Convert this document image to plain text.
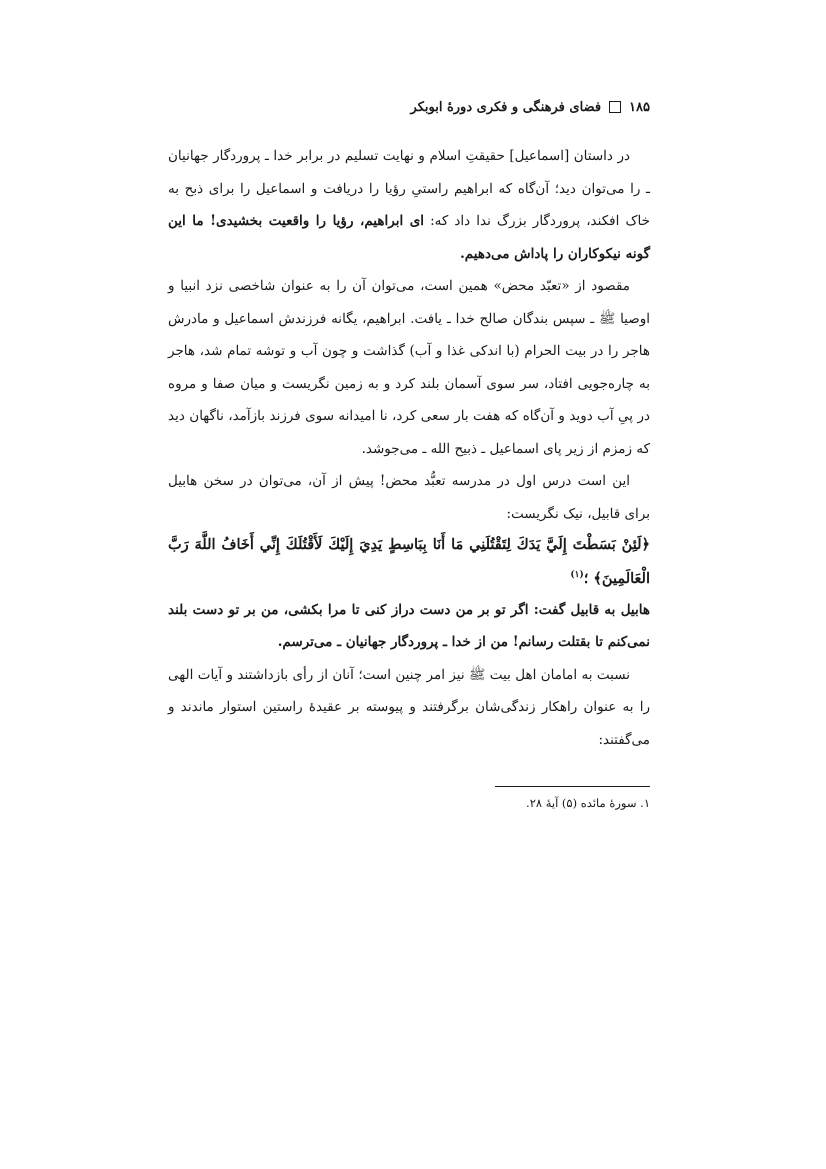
۱۸۵
فضای فرهنگی و فکری دورهٔ ابوبکر

در داستان [اسماعیل] حقیقتِ اسلام و نهایت تسلیم در برابر خدا ـ پروردگار جهانیان ـ را می‌توان دید؛ آن‌گاه که ابراهیم راستیِ رؤیا را دریافت و اسماعیل را برای ذبح به خاک افکند، پروردگار بزرگ ندا داد که: ای ابراهیم، رؤیا را واقعیت بخشیدی! ما این گونه نیکوکاران را پاداش می‌دهیم.

مقصود از «تعبّد محض» همین است، می‌توان آن را به عنوان شاخصی نزد انبیا و اوصیا ﷺ ـ سپس بندگان صالح خدا ـ یافت. ابراهیم، یگانه فرزندش اسماعیل و مادرش هاجر را در بیت الحرام (با اندکی غذا و آب) گذاشت و چون آب و توشه تمام شد، هاجر به چاره‌جویی افتاد، سر سوی آسمان بلند کرد و به زمین نگریست و میان صفا و مروه در پیِ آب دوید و آن‌گاه که هفت بار سعی کرد، نا امیدانه سوی فرزند بازآمد، ناگهان دید که زمزم از زیر پای اسماعیل ـ ذبیح الله ـ می‌جوشد.

این است درس اول در مدرسه تعبُّد محض! پیش از آن، می‌توان در سخن هابیل برای قابیل، نیک نگریست:

﴿لَئِنْ بَسَطْتَ إِلَيَّ يَدَكَ لِتَقْتُلَنِي مَا أَنَا بِبَاسِطٍ يَدِيَ إِلَيْكَ لَأَقْتُلَكَ إِنِّي أَخَافُ اللَّهَ رَبَّ الْعَالَمِينَ﴾ ؛$^{(۱)}$

هابیل به قابیل گفت: اگر تو بر من دست دراز کنی تا مرا بکشی، من بر تو دست بلند نمی‌کنم تا بقتلت رسانم! من از خدا ـ پروردگار جهانیان ـ می‌ترسم.

نسبت به امامان اهل بیت ﷺ نیز امر چنین است؛ آنان از رأی بازداشتند و آیات الهی را به عنوان راهکار زندگی‌شان برگرفتند و پیوسته بر عقیدهٔ راستین استوار ماندند و می‌گفتند:

۱. سورهٔ مائده (۵) آیهٔ ۲۸.
